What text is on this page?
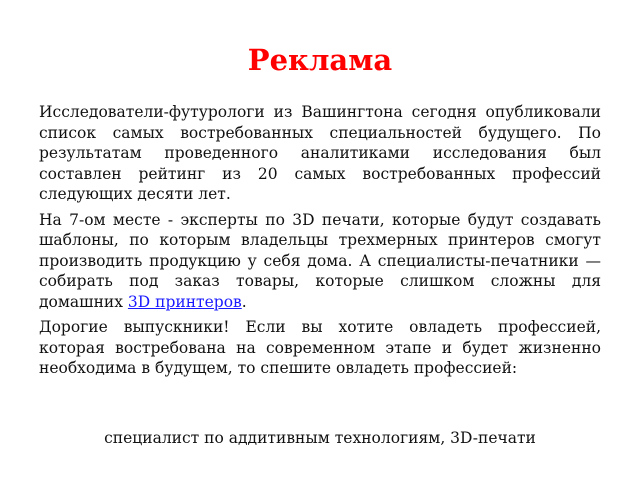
Реклама

Исследователи-футурологи из Вашингтона сегодня опубликовали список самых востребованных специальностей будущего. По результатам проведенного аналитиками исследования был составлен рейтинг из 20 самых востребованных профессий следующих десяти лет.

На 7-ом месте - эксперты по 3D печати, которые будут создавать шаблоны, по которым владельцы трехмерных принтеров смогут производить продукцию у себя дома. А специалисты-печатники — собирать под заказ товары, которые слишком сложны для домашних 3D принтеров.

Дорогие выпускники! Если вы хотите овладеть профессией, которая востребована на современном этапе и будет жизненно необходима в будущем, то спешите овладеть профессией:

специалист по аддитивным технологиям, 3D-печати
